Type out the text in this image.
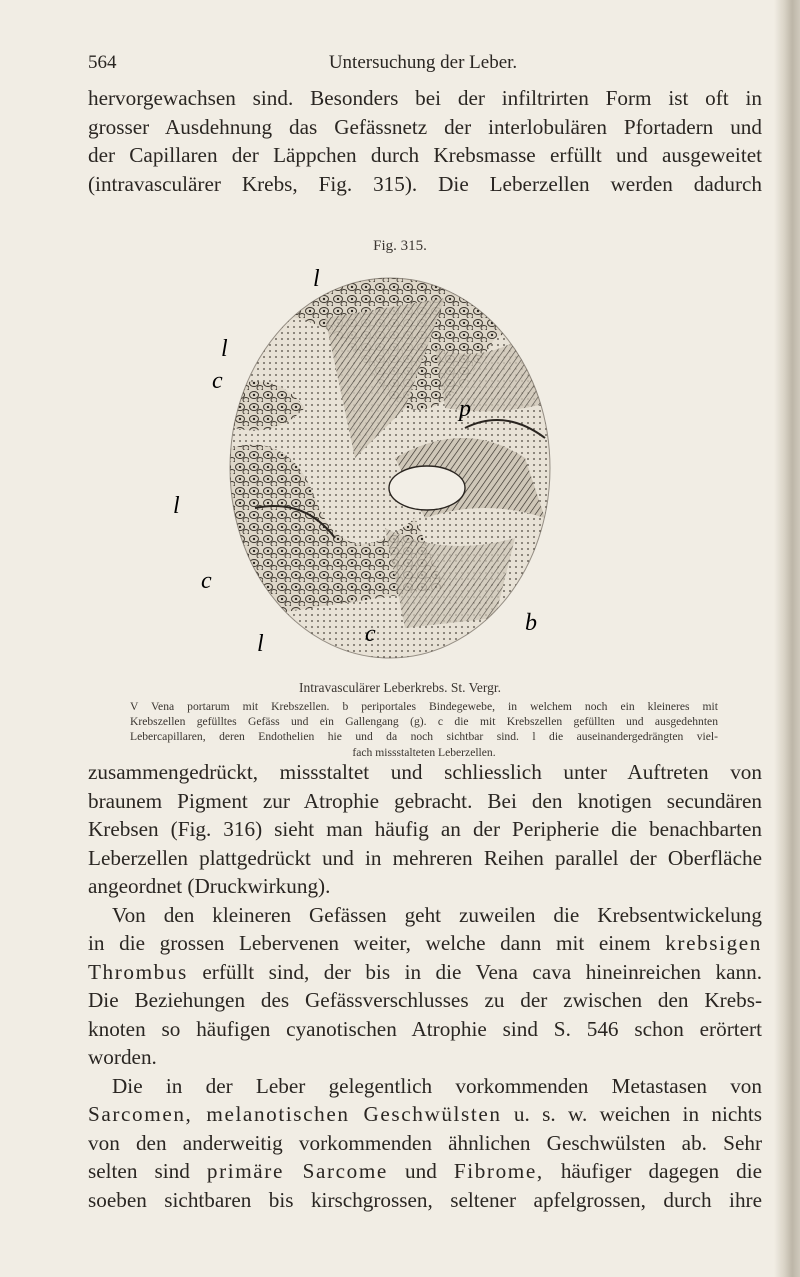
564	Untersuchung der Leber.
hervorgewachsen sind. Besonders bei der infiltrirten Form ist oft in
grosser Ausdehnung das Gefässnetz der interlobulären Pfortadern und
der Capillaren der Läppchen durch Krebsmasse erfüllt und ausgeweitet
(intravasculärer Krebs, Fig. 315). Die Leberzellen werden dadurch
Fig. 315.
l
l
c
p
l
c
l	c	b
Intravasculärer Leberkrebs. St. Vergr.
V Vena portarum mit Krebszellen. b periportales Bindegewebe, in welchem noch ein kleineres mit
Krebszellen gefülltes Gefäss und ein Gallengang (g). c die mit Krebszellen gefüllten und ausgedehnten
Lebercapillaren, deren Endothelien hie und da noch sichtbar sind. l die auseinandergedrängten viel-
fach missstalteten Leberzellen.
zusammengedrückt, missstaltet und schliesslich unter Auftreten von
braunem Pigment zur Atrophie gebracht. Bei den knotigen secundären
Krebsen (Fig. 316) sieht man häufig an der Peripherie die benachbarten
Leberzellen plattgedrückt und in mehreren Reihen parallel der Oberfläche
angeordnet (Druckwirkung).
Von den kleineren Gefässen geht zuweilen die Krebsentwickelung
in die grossen Lebervenen weiter, welche dann mit einem krebsigen
Thrombus erfüllt sind, der bis in die Vena cava hineinreichen kann.
Die Beziehungen des Gefässverschlusses zu der zwischen den Krebs-
knoten so häufigen cyanotischen Atrophie sind S. 546 schon erörtert
worden.
Die in der Leber gelegentlich vorkommenden Metastasen von
Sarcomen, melanotischen Geschwülsten u. s. w. weichen in nichts
von den anderweitig vorkommenden ähnlichen Geschwülsten ab. Sehr
selten sind primäre Sarcome und Fibrome, häufiger dagegen die
soeben sichtbaren bis kirschgrossen, seltener apfelgrossen, durch ihre
